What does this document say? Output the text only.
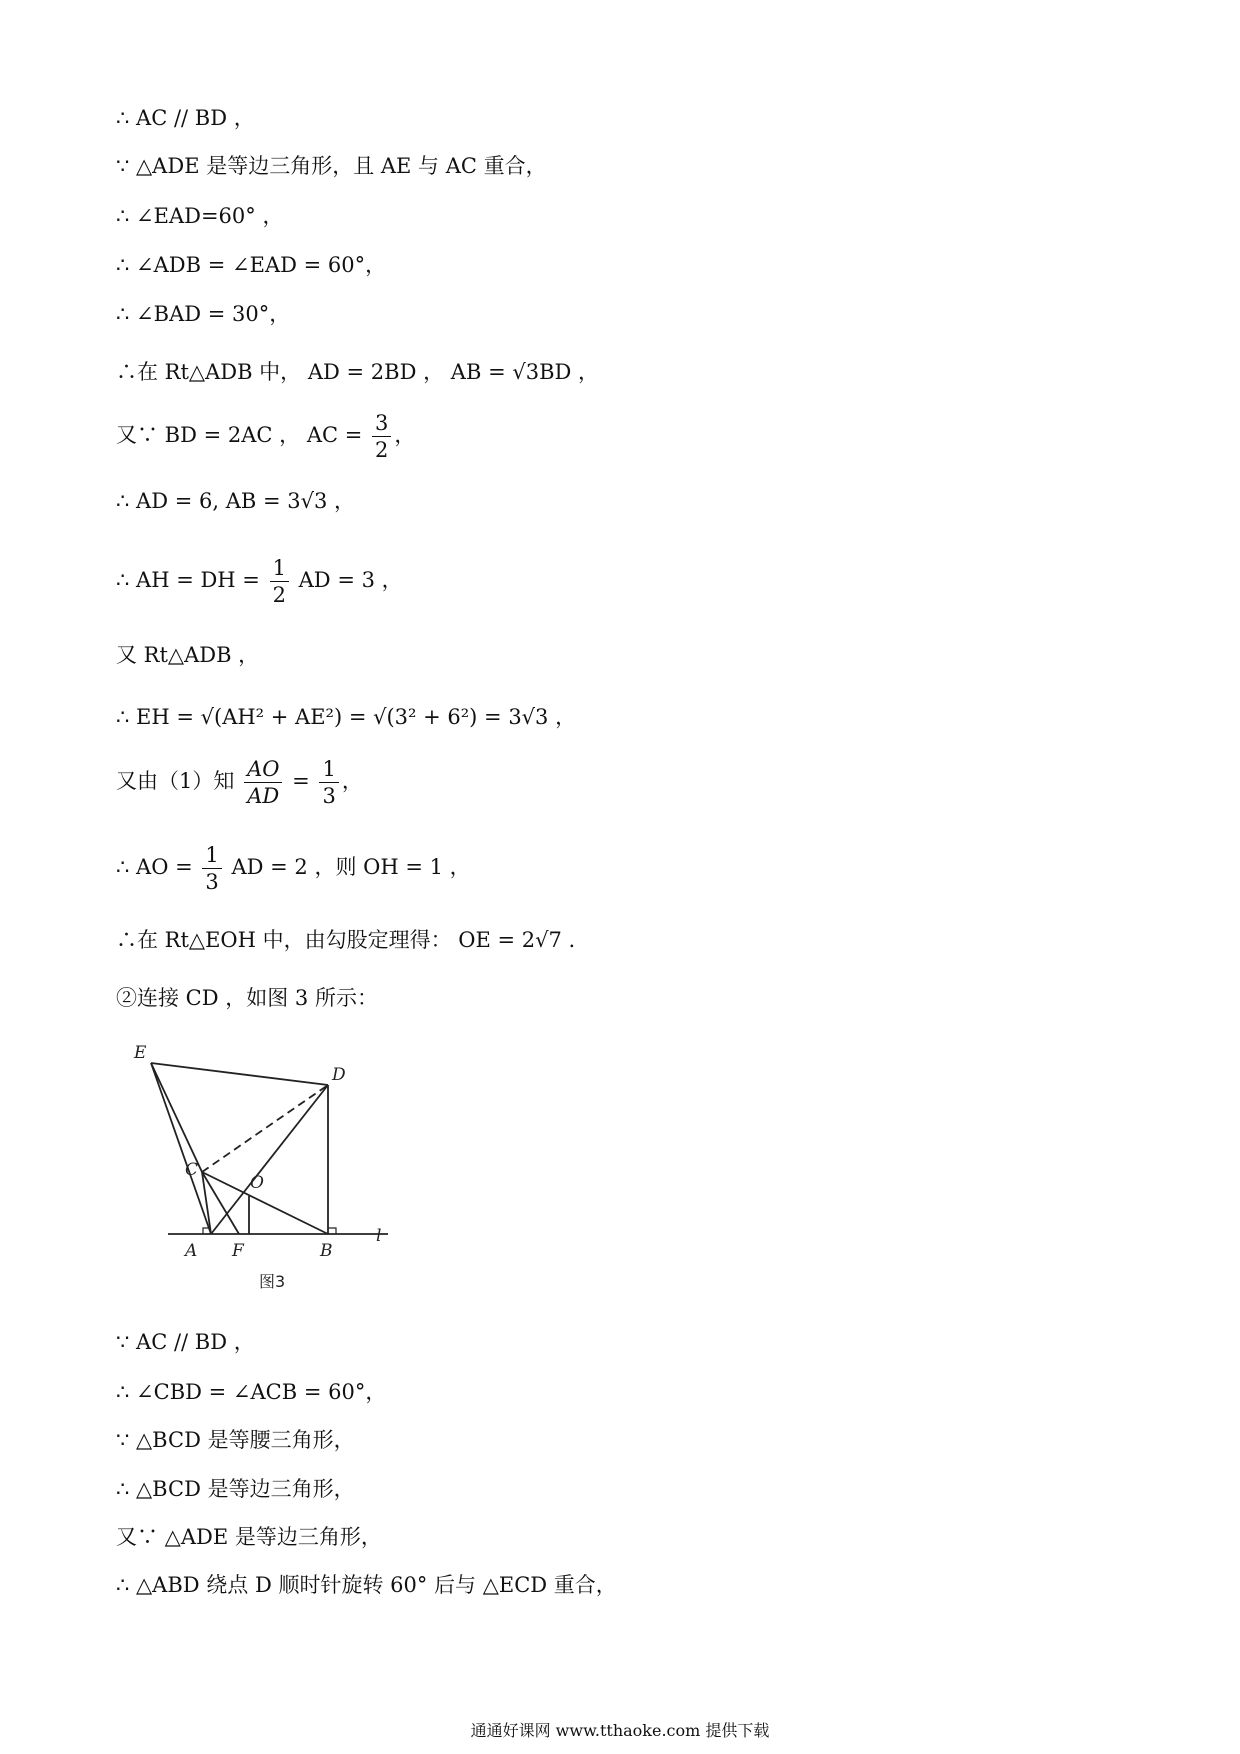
∴ AC // BD ，
∵ △ADE 是等边三角形，且 AE 与 AC 重合，
∴ ∠EAD=60° ，
∴ ∠ADB = ∠EAD = 60°，
∴ ∠BAD = 30°，
∴在 Rt△ADB 中， AD = 2BD ， AB = √3BD ，
又∵ BD = 2AC ， AC = $\frac{3}{2}$ ，
∴ AD = 6, AB = 3√3 ，
∴ AH = DH = $\frac{1}{2}$ AD = 3 ，
又 Rt△ADB ，
∴ EH = √(AH² + AE²) = √(3² + 6²) = 3√3 ，
又由（1）知 $\frac{AO}{AD} = \frac{1}{3}$ ，
∴ AO = $\frac{1}{3}$ AD = 2 ，则 OH = 1 ，
∴在 Rt△EOH 中，由勾股定理得： OE = 2√7 .
②连接 CD ，如图 3 所示：
E
D
C
O
A F	B
l
图3
∵ AC // BD ，
∴ ∠CBD = ∠ACB = 60°，
∵ △BCD 是等腰三角形，
∴ △BCD 是等边三角形，
又∵ △ADE 是等边三角形，
∴ △ABD 绕点 D 顺时针旋转 60° 后与 △ECD 重合，
通通好课网 www.tthaoke.com 提供下载
